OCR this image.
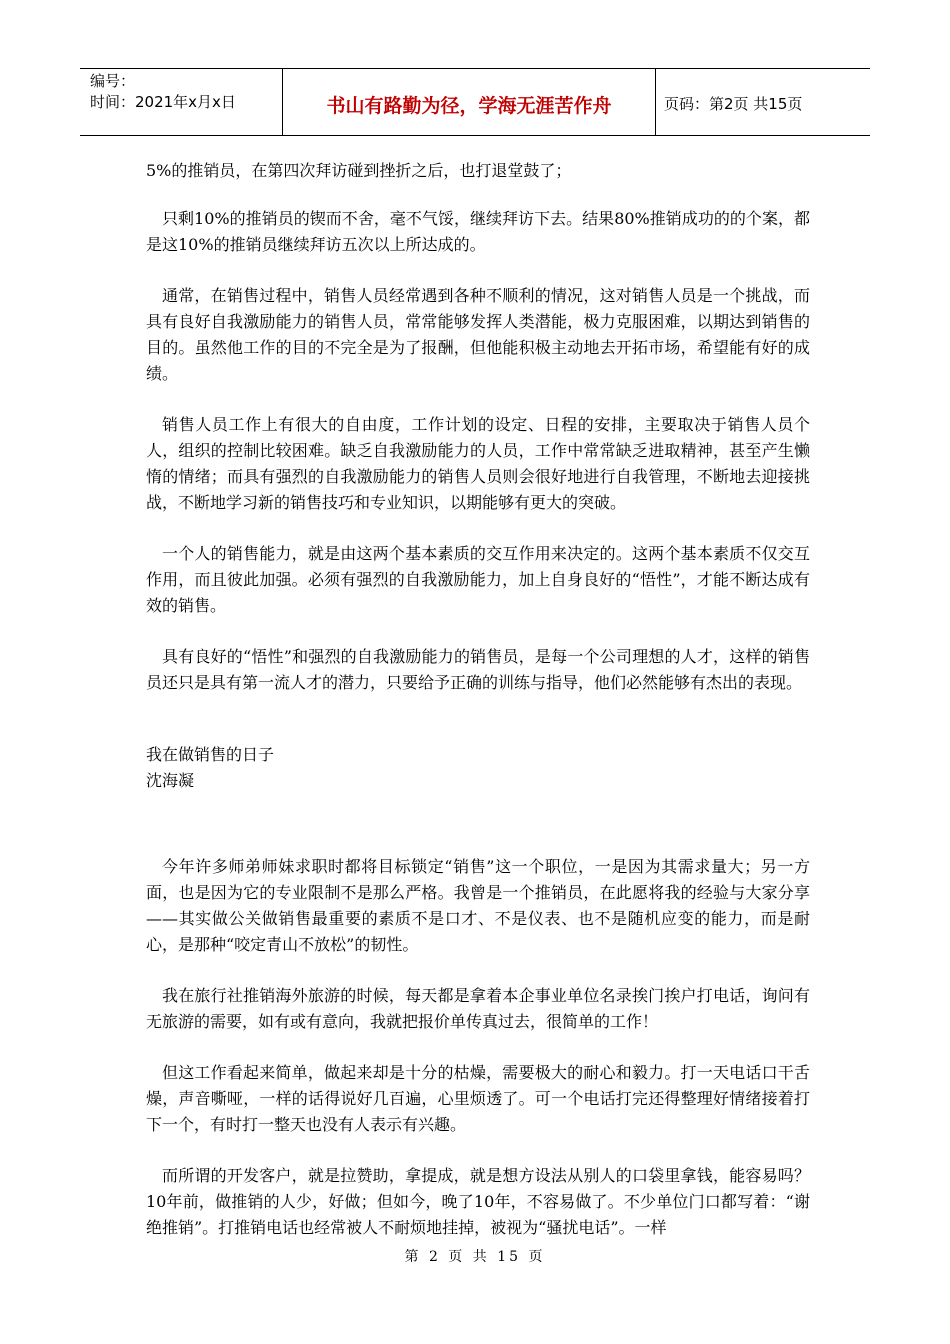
编号：
时间：2021年x月x日	书山有路勤为径，学海无涯苦作舟	页码：第2页 共15页

5%的推销员，在第四次拜访碰到挫折之后，也打退堂鼓了；

只剩10%的推销员的锲而不舍，毫不气馁，继续拜访下去。结果80%推销成功的的个案，都是这10%的推销员继续拜访五次以上所达成的。

通常，在销售过程中，销售人员经常遇到各种不顺利的情况，这对销售人员是一个挑战，而具有良好自我激励能力的销售人员，常常能够发挥人类潜能，极力克服困难，以期达到销售的目的。虽然他工作的目的不完全是为了报酬，但他能积极主动地去开拓市场，希望能有好的成绩。

销售人员工作上有很大的自由度，工作计划的设定、日程的安排，主要取决于销售人员个人，组织的控制比较困难。缺乏自我激励能力的人员，工作中常常缺乏进取精神，甚至产生懒惰的情绪；而具有强烈的自我激励能力的销售人员则会很好地进行自我管理，不断地去迎接挑战，不断地学习新的销售技巧和专业知识，以期能够有更大的突破。

一个人的销售能力，就是由这两个基本素质的交互作用来决定的。这两个基本素质不仅交互作用，而且彼此加强。必须有强烈的自我激励能力，加上自身良好的“悟性”，才能不断达成有效的销售。

具有良好的“悟性”和强烈的自我激励能力的销售员，是每一个公司理想的人才，这样的销售员还只是具有第一流人才的潜力，只要给予正确的训练与指导，他们必然能够有杰出的表现。

我在做销售的日子
沈海凝

今年许多师弟师妹求职时都将目标锁定“销售”这一个职位，一是因为其需求量大；另一方面，也是因为它的专业限制不是那么严格。我曾是一个推销员，在此愿将我的经验与大家分享——其实做公关做销售最重要的素质不是口才、不是仪表、也不是随机应变的能力，而是耐心，是那种“咬定青山不放松”的韧性。

我在旅行社推销海外旅游的时候，每天都是拿着本企事业单位名录挨门挨户打电话，询问有无旅游的需要，如有或有意向，我就把报价单传真过去，很简单的工作！

但这工作看起来简单，做起来却是十分的枯燥，需要极大的耐心和毅力。打一天电话口干舌燥，声音嘶哑，一样的话得说好几百遍，心里烦透了。可一个电话打完还得整理好情绪接着打下一个，有时打一整天也没有人表示有兴趣。

而所谓的开发客户，就是拉赞助，拿提成，就是想方设法从别人的口袋里拿钱，能容易吗？10年前，做推销的人少，好做；但如今，晚了10年，不容易做了。不少单位门口都写着：“谢绝推销”。打推销电话也经常被人不耐烦地挂掉，被视为“骚扰电话”。一样

第 2 页 共 15 页
